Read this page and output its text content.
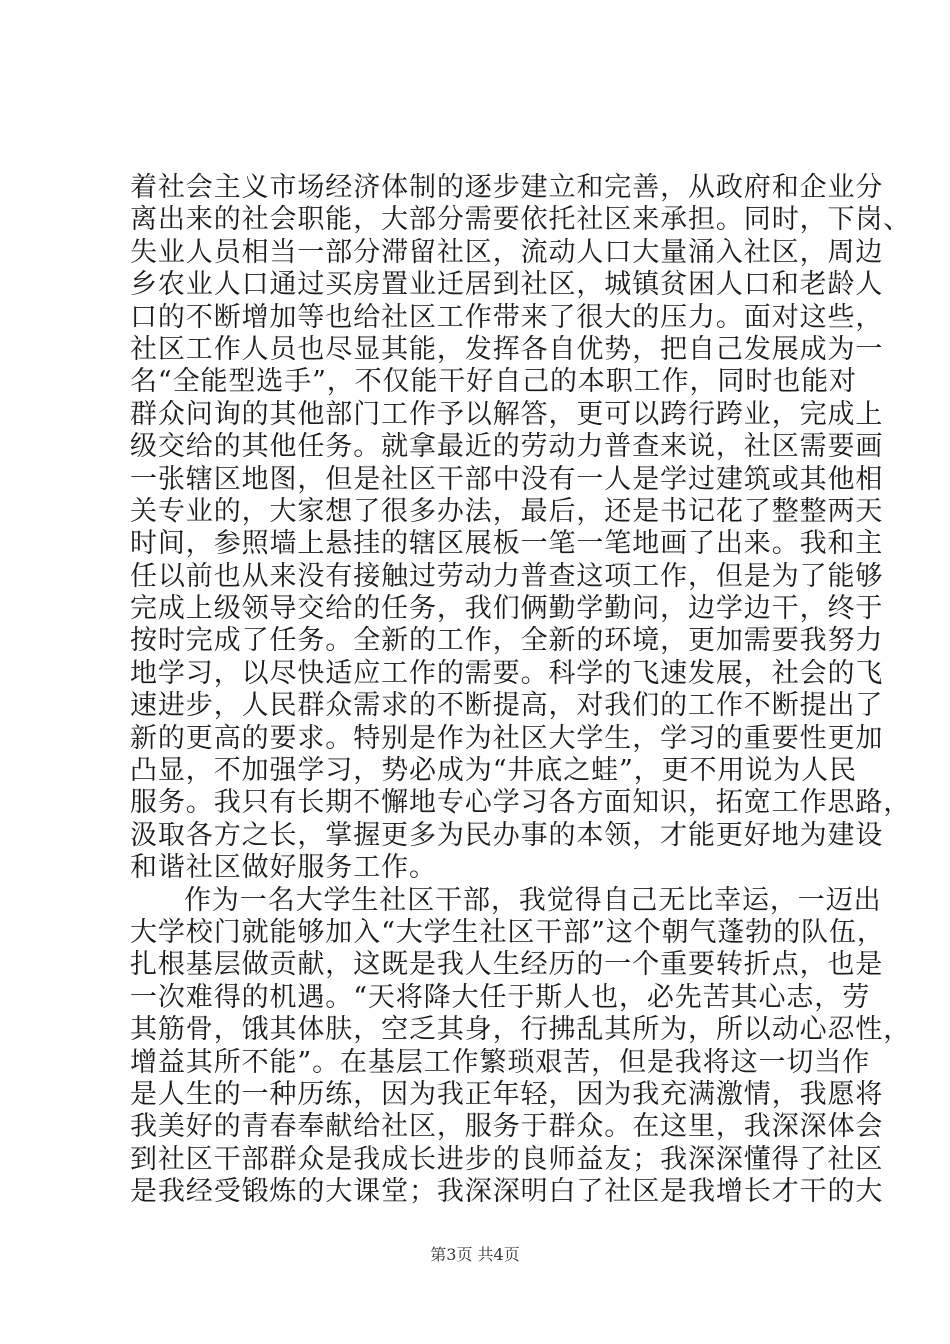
着社会主义市场经济体制的逐步建立和完善，从政府和企业分
离出来的社会职能，大部分需要依托社区来承担。同时，下岗、
失业人员相当一部分滞留社区，流动人口大量涌入社区，周边
乡农业人口通过买房置业迁居到社区，城镇贫困人口和老龄人
口的不断增加等也给社区工作带来了很大的压力。面对这些，
社区工作人员也尽显其能，发挥各自优势，把自己发展成为一
名“全能型选手”，不仅能干好自己的本职工作，同时也能对
群众问询的其他部门工作予以解答，更可以跨行跨业，完成上
级交给的其他任务。就拿最近的劳动力普查来说，社区需要画
一张辖区地图，但是社区干部中没有一人是学过建筑或其他相
关专业的，大家想了很多办法，最后，还是书记花了整整两天
时间，参照墙上悬挂的辖区展板一笔一笔地画了出来。我和主
任以前也从来没有接触过劳动力普查这项工作，但是为了能够
完成上级领导交给的任务，我们俩勤学勤问，边学边干，终于
按时完成了任务。全新的工作，全新的环境，更加需要我努力
地学习，以尽快适应工作的需要。科学的飞速发展，社会的飞
速进步，人民群众需求的不断提高，对我们的工作不断提出了
新的更高的要求。特别是作为社区大学生，学习的重要性更加
凸显，不加强学习，势必成为“井底之蛙”，更不用说为人民
服务。我只有长期不懈地专心学习各方面知识，拓宽工作思路，
汲取各方之长，掌握更多为民办事的本领，才能更好地为建设
和谐社区做好服务工作。
作为一名大学生社区干部，我觉得自己无比幸运，一迈出
大学校门就能够加入“大学生社区干部”这个朝气蓬勃的队伍，
扎根基层做贡献，这既是我人生经历的一个重要转折点，也是
一次难得的机遇。“天将降大任于斯人也，必先苦其心志，劳
其筋骨，饿其体肤，空乏其身，行拂乱其所为，所以动心忍性，
增益其所不能”。在基层工作繁琐艰苦，但是我将这一切当作
是人生的一种历练，因为我正年轻，因为我充满激情，我愿将
我美好的青春奉献给社区，服务于群众。在这里，我深深体会
到社区干部群众是我成长进步的良师益友；我深深懂得了社区
是我经受锻炼的大课堂；我深深明白了社区是我增长才干的大
第3页 共4页
